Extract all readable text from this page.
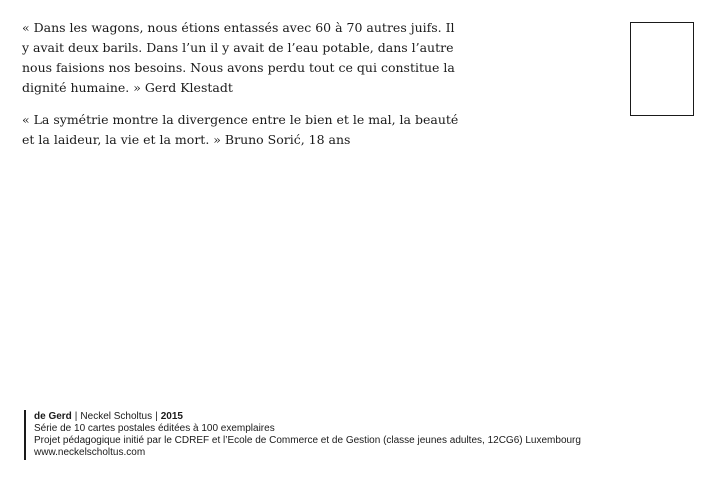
« Dans les wagons, nous étions entassés avec 60 à 70 autres juifs. Il y avait deux barils. Dans l’un il y avait de l’eau potable, dans l’autre nous faisions nos besoins. Nous avons perdu tout ce qui constitue la dignité humaine. » Gerd Klestadt

« La symétrie montre la divergence entre le bien et le mal, la beauté et la laideur, la vie et la mort. » Bruno Sorić, 18 ans

de Gerd | Neckel Scholtus | 2015
Série de 10 cartes postales éditées à 100 exemplaires
Projet pédagogique initié par le CDREF et l’Ecole de Commerce et de Gestion (classe jeunes adultes, 12CG6) Luxembourg
www.neckelscholtus.com
